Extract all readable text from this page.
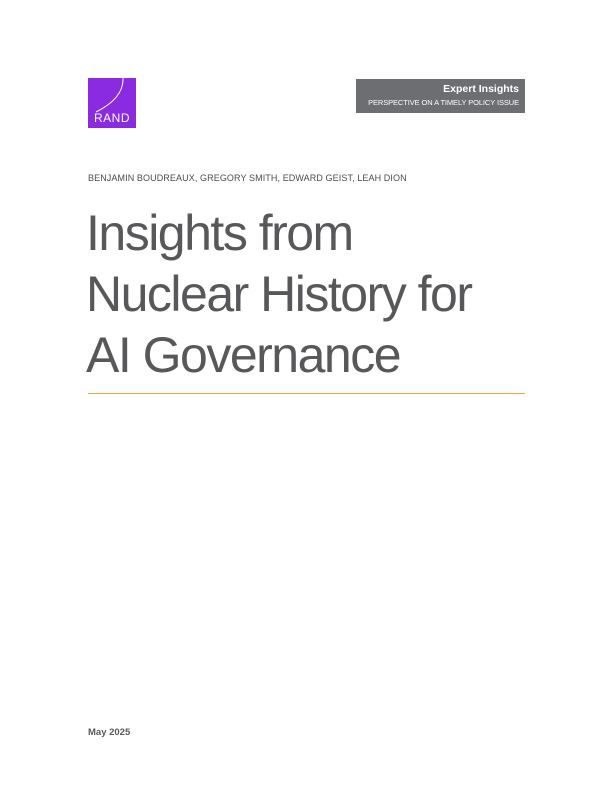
RAND
Expert Insights
PERSPECTIVE ON A TIMELY POLICY ISSUE
BENJAMIN BOUDREAUX, GREGORY SMITH, EDWARD GEIST, LEAH DION
Insights from
Nuclear History for
AI Governance
May 2025
